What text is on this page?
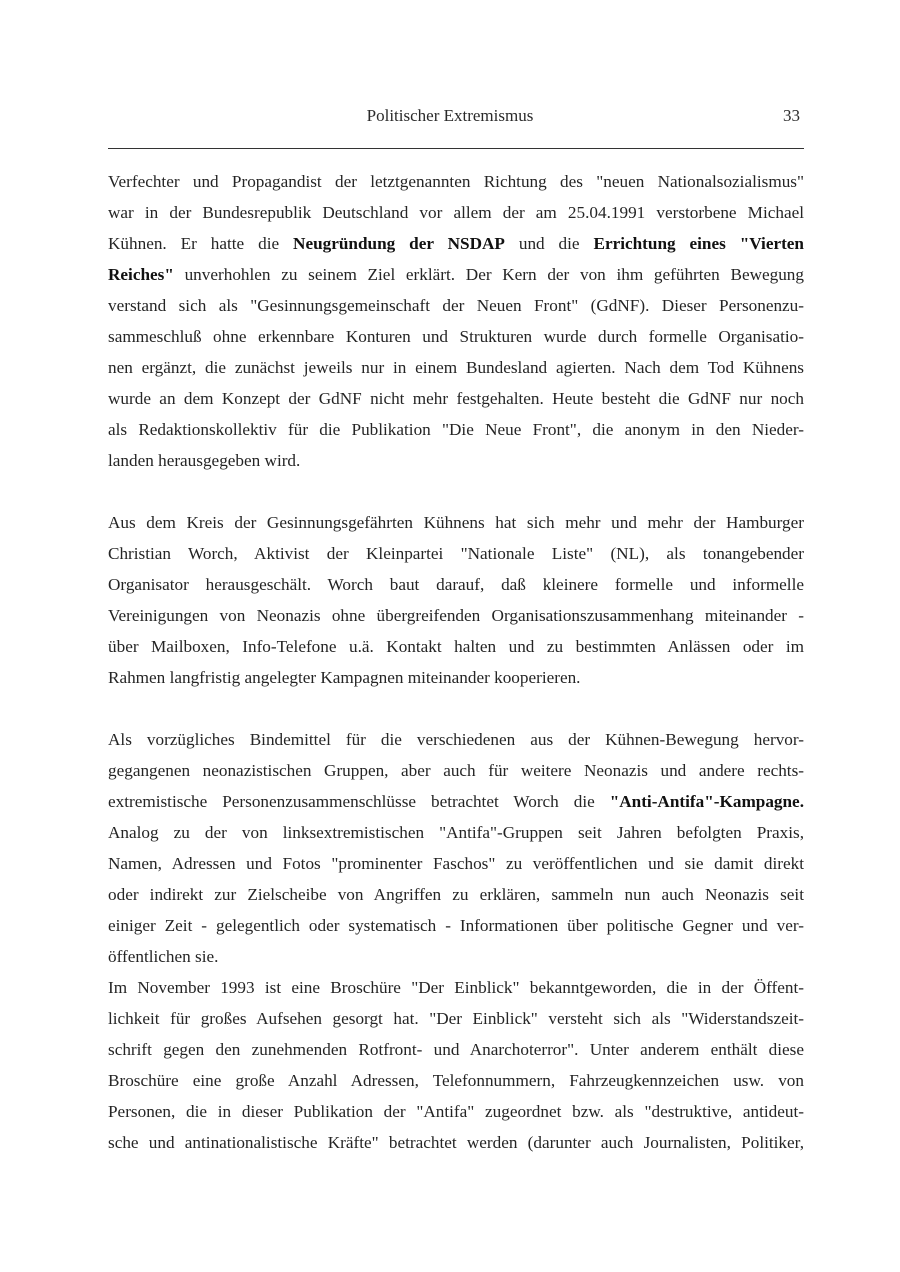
Politischer Extremismus	33

Verfechter und Propagandist der letztgenannten Richtung des "neuen Nationalsozialismus"

war in der Bundesrepublik Deutschland vor allem der am 25.04.1991 verstorbene Michael

Kühnen. Er hatte die Neugründung der NSDAP und die Errichtung eines "Vierten

Reiches" unverhohlen zu seinem Ziel erklärt. Der Kern der von ihm geführten Bewegung

verstand sich als "Gesinnungsgemeinschaft der Neuen Front" (GdNF). Dieser Personenzu-

sammeschluß ohne erkennbare Konturen und Strukturen wurde durch formelle Organisatio-

nen ergänzt, die zunächst jeweils nur in einem Bundesland agierten. Nach dem Tod Kühnens

wurde an dem Konzept der GdNF nicht mehr festgehalten. Heute besteht die GdNF nur noch

als Redaktionskollektiv für die Publikation "Die Neue Front", die anonym in den Nieder-

landen herausgegeben wird.

Aus dem Kreis der Gesinnungsgefährten Kühnens hat sich mehr und mehr der Hamburger

Christian Worch, Aktivist der Kleinpartei "Nationale Liste" (NL), als tonangebender

Organisator herausgeschält. Worch baut darauf, daß kleinere formelle und informelle

Vereinigungen von Neonazis ohne übergreifenden Organisationszusammenhang miteinander -

über Mailboxen, Info-Telefone u.ä. Kontakt halten und zu bestimmten Anlässen oder im

Rahmen langfristig angelegter Kampagnen miteinander kooperieren.

Als vorzügliches Bindemittel für die verschiedenen aus der Kühnen-Bewegung hervor-

gegangenen neonazistischen Gruppen, aber auch für weitere Neonazis und andere rechts-

extremistische Personenzusammenschlüsse betrachtet Worch die "Anti-Antifa"-Kampagne.

Analog zu der von linksextremistischen "Antifa"-Gruppen seit Jahren befolgten Praxis,

Namen, Adressen und Fotos "prominenter Faschos" zu veröffentlichen und sie damit direkt

oder indirekt zur Zielscheibe von Angriffen zu erklären, sammeln nun auch Neonazis seit

einiger Zeit - gelegentlich oder systematisch - Informationen über politische Gegner und ver-

öffentlichen sie.

Im November 1993 ist eine Broschüre "Der Einblick" bekanntgeworden, die in der Öffent-

lichkeit für großes Aufsehen gesorgt hat. "Der Einblick" versteht sich als "Widerstandszeit-

schrift gegen den zunehmenden Rotfront- und Anarchoterror". Unter anderem enthält diese

Broschüre eine große Anzahl Adressen, Telefonnummern, Fahrzeugkennzeichen usw. von

Personen, die in dieser Publikation der "Antifa" zugeordnet bzw. als "destruktive, antideut-

sche und antinationalistische Kräfte" betrachtet werden (darunter auch Journalisten, Politiker,
